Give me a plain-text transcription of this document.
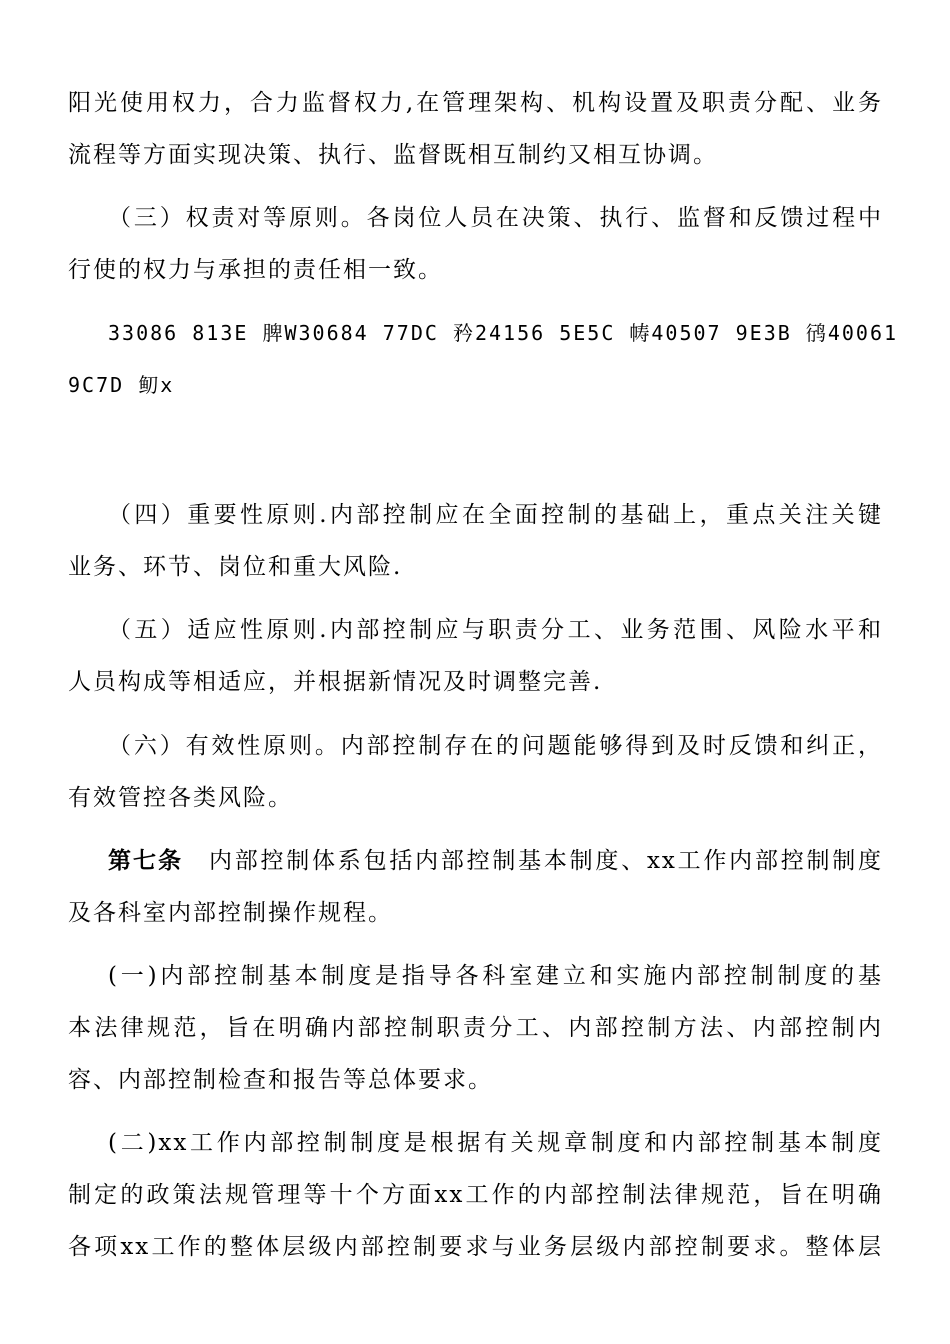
阳光使用权力，合力监督权力,在管理架构、机构设置及职责分配、业务

流程等方面实现决策、执行、监督既相互制约又相互协调。

（三）权责对等原则。各岗位人员在决策、执行、监督和反馈过程中

行使的权力与承担的责任相一致。

33086 813E 脾W30684 77DC 矜24156 5E5C 帱40507 9E3B 鸻40061

9C7D 鱽x

（四）重要性原则.内部控制应在全面控制的基础上，重点关注关键

业务、环节、岗位和重大风险.

（五）适应性原则.内部控制应与职责分工、业务范围、风险水平和

人员构成等相适应，并根据新情况及时调整完善.

（六）有效性原则。内部控制存在的问题能够得到及时反馈和纠正，

有效管控各类风险。

第七条 内部控制体系包括内部控制基本制度、xx工作内部控制制度

及各科室内部控制操作规程。

(一)内部控制基本制度是指导各科室建立和实施内部控制制度的基

本法律规范，旨在明确内部控制职责分工、内部控制方法、内部控制内

容、内部控制检查和报告等总体要求。

(二)xx工作内部控制制度是根据有关规章制度和内部控制基本制度

制定的政策法规管理等十个方面xx工作的内部控制法律规范，旨在明确

各项xx工作的整体层级内部控制要求与业务层级内部控制要求。整体层
